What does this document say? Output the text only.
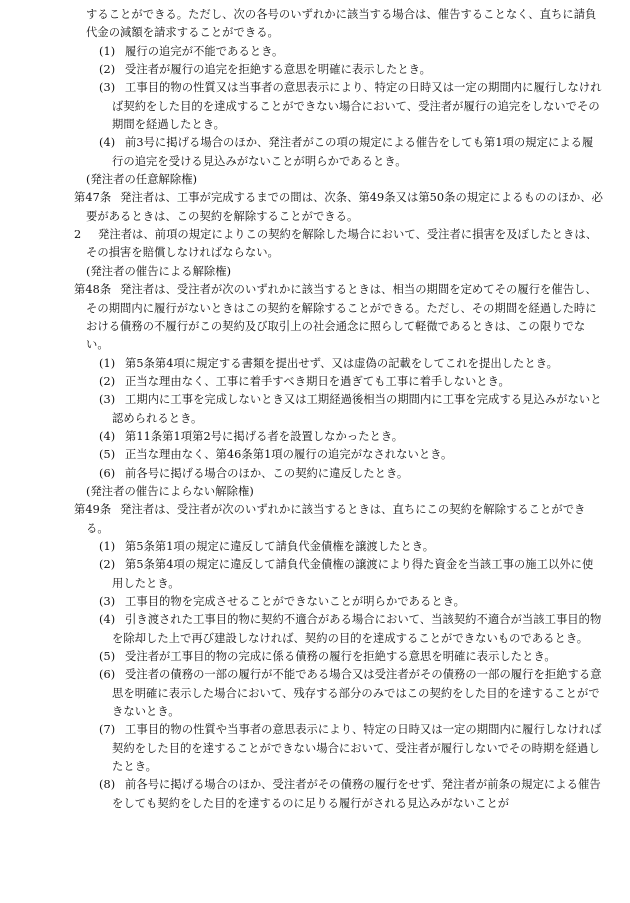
することができる。ただし、次の各号のいずれかに該当する場合は、催告することなく、直ちに請負代金の減額を請求することができる。
(1) 履行の追完が不能であるとき。
(2) 受注者が履行の追完を拒絶する意思を明確に表示したとき。
(3) 工事目的物の性質又は当事者の意思表示により、特定の日時又は一定の期間内に履行しなければ契約をした目的を達成することができない場合において、受注者が履行の追完をしないでその期間を経過したとき。
(4) 前3号に掲げる場合のほか、発注者がこの項の規定による催告をしても第1項の規定による履行の追完を受ける見込みがないことが明らかであるとき。
(発注者の任意解除権)
第47条 発注者は、工事が完成するまでの間は、次条、第49条又は第50条の規定によるもののほか、必要があるときは、この契約を解除することができる。
2 発注者は、前項の規定によりこの契約を解除した場合において、受注者に損害を及ぼしたときは、その損害を賠償しなければならない。
(発注者の催告による解除権)
第48条 発注者は、受注者が次のいずれかに該当するときは、相当の期間を定めてその履行を催告し、その期間内に履行がないときはこの契約を解除することができる。ただし、その期間を経過した時における債務の不履行がこの契約及び取引上の社会通念に照らして軽微であるときは、この限りでない。
(1) 第5条第4項に規定する書類を提出せず、又は虚偽の記載をしてこれを提出したとき。
(2) 正当な理由なく、工事に着手すべき期日を過ぎても工事に着手しないとき。
(3) 工期内に工事を完成しないとき又は工期経過後相当の期間内に工事を完成する見込みがないと認められるとき。
(4) 第11条第1項第2号に掲げる者を設置しなかったとき。
(5) 正当な理由なく、第46条第1項の履行の追完がなされないとき。
(6) 前各号に掲げる場合のほか、この契約に違反したとき。
(発注者の催告によらない解除権)
第49条 発注者は、受注者が次のいずれかに該当するときは、直ちにこの契約を解除することができる。
(1) 第5条第1項の規定に違反して請負代金債権を譲渡したとき。
(2) 第5条第4項の規定に違反して請負代金債権の譲渡により得た資金を当該工事の施工以外に使用したとき。
(3) 工事目的物を完成させることができないことが明らかであるとき。
(4) 引き渡された工事目的物に契約不適合がある場合において、当該契約不適合が当該工事目的物を除却した上で再び建設しなければ、契約の目的を達成することができないものであるとき。
(5) 受注者が工事目的物の完成に係る債務の履行を拒絶する意思を明確に表示したとき。
(6) 受注者の債務の一部の履行が不能である場合又は受注者がその債務の一部の履行を拒絶する意思を明確に表示した場合において、残存する部分のみではこの契約をした目的を達することができないとき。
(7) 工事目的物の性質や当事者の意思表示により、特定の日時又は一定の期間内に履行しなければ契約をした目的を達することができない場合において、受注者が履行しないでその時期を経過したとき。
(8) 前各号に掲げる場合のほか、受注者がその債務の履行をせず、発注者が前条の規定による催告をしても契約をした目的を達するのに足りる履行がされる見込みがないことが
